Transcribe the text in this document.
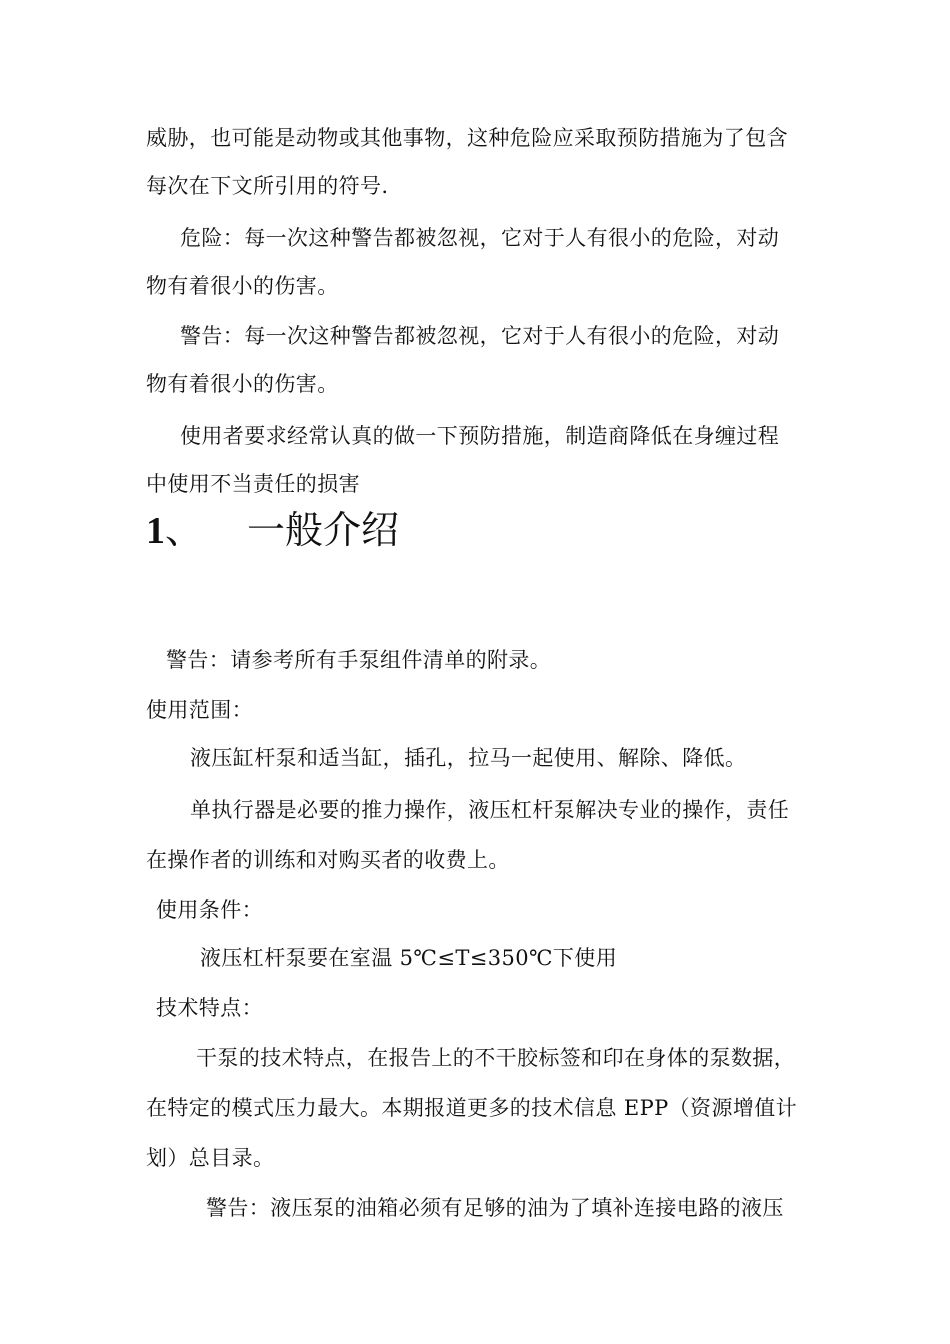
威胁，也可能是动物或其他事物，这种危险应采取预防措施为了包含
每次在下文所引用的符号.
危险：每一次这种警告都被忽视，它对于人有很小的危险，对动
物有着很小的伤害。
警告：每一次这种警告都被忽视，它对于人有很小的危险，对动
物有着很小的伤害。
使用者要求经常认真的做一下预防措施，制造商降低在身缠过程
中使用不当责任的损害
1、 一般介绍
警告：请参考所有手泵组件清单的附录。
使用范围：
液压缸杆泵和适当缸，插孔，拉马一起使用、解除、降低。
单执行器是必要的推力操作，液压杠杆泵解决专业的操作，责任
在操作者的训练和对购买者的收费上。
使用条件：
液压杠杆泵要在室温 5℃≤T≤350℃下使用
技术特点：
干泵的技术特点，在报告上的不干胶标签和印在身体的泵数据，
在特定的模式压力最大。本期报道更多的技术信息 EPP（资源增值计
划）总目录。
警告：液压泵的油箱必须有足够的油为了填补连接电路的液压
